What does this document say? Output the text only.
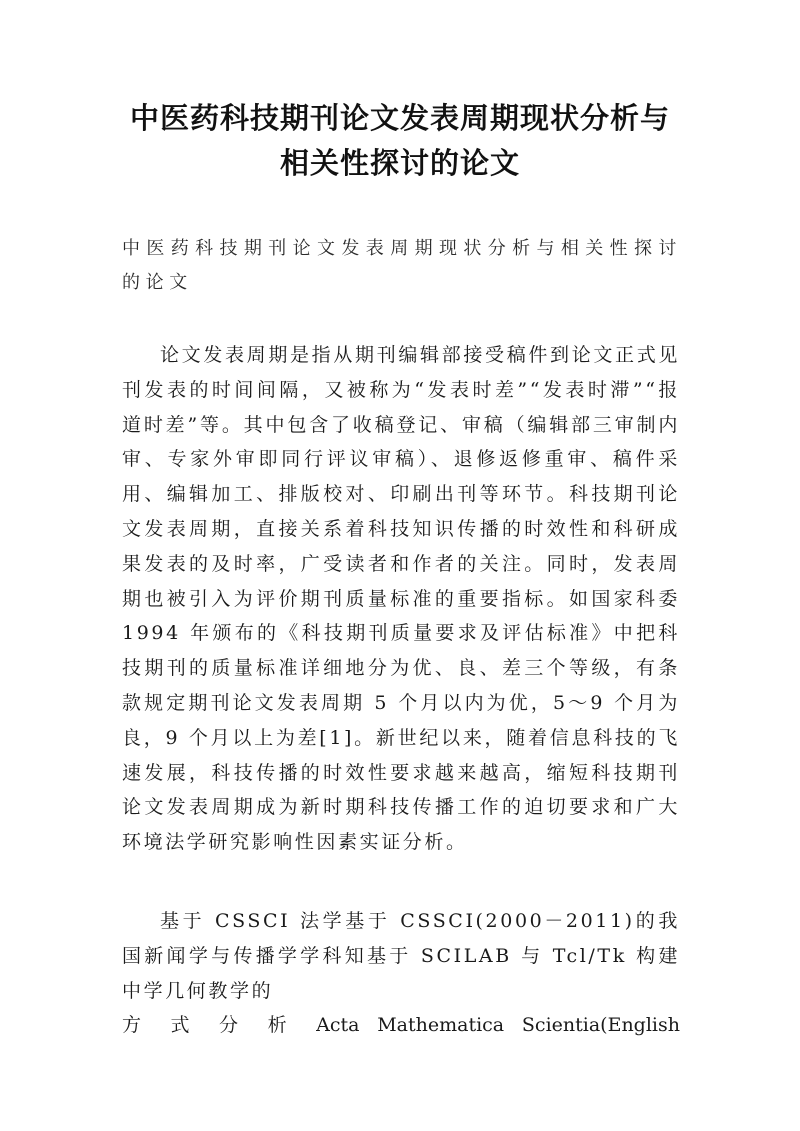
中医药科技期刊论文发表周期现状分析与
相关性探讨的论文
中医药科技期刊论文发表周期现状分析与相关性探讨的论文

论文发表周期是指从期刊编辑部接受稿件到论文正式见刊发表的时间间隔，又被称为“发表时差”“发表时滞”“报道时差”等。其中包含了收稿登记、审稿（编辑部三审制内审、专家外审即同行评议审稿）、退修返修重审、稿件采用、编辑加工、排版校对、印刷出刊等环节。科技期刊论文发表周期，直接关系着科技知识传播的时效性和科研成果发表的及时率，广受读者和作者的关注。同时，发表周期也被引入为评价期刊质量标准的重要指标。如国家科委 1994 年颁布的《科技期刊质量要求及评估标准》中把科技期刊的质量标准详细地分为优、良、差三个等级，有条款规定期刊论文发表周期 5 个月以内为优，5～9 个月为良，9 个月以上为差[1]。新世纪以来，随着信息科技的飞速发展，科技传播的时效性要求越来越高，缩短科技期刊论文发表周期成为新时期科技传播工作的迫切要求和广大环境法学研究影响性因素实证分析。

基于 CSSCI 法学基于 CSSCI(2000－2011)的我国新闻学与传播学学科知基于 SCILAB 与 Tcl/Tk 构建中学几何教学的

方 式 分 析 Acta Mathematica Scientia(English
